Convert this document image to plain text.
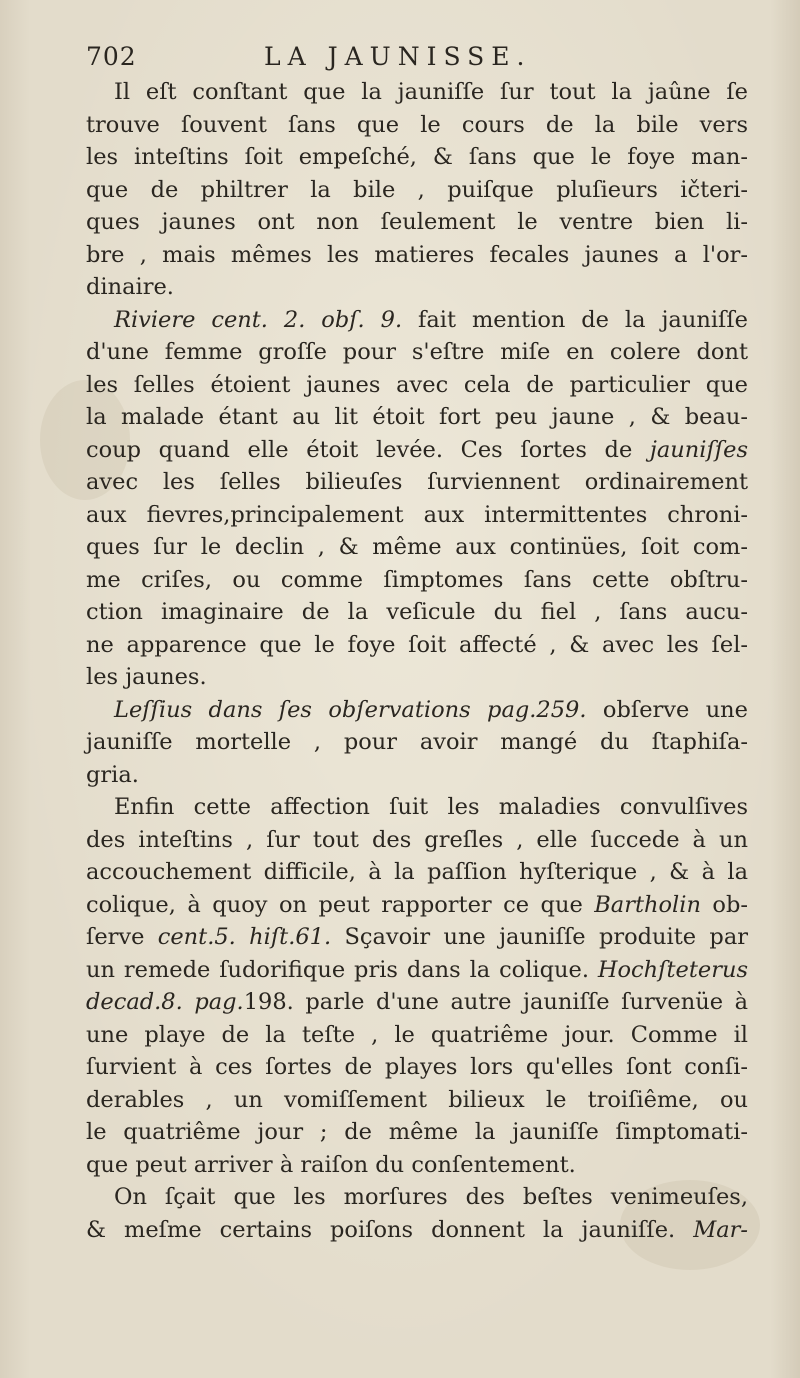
702	LA JAUNISSE.
Il eſt conſtant que la jauniſſe ſur tout la jaûne ſe
trouve ſouvent ſans que le cours de la bile vers
les inteſtins ſoit empeſché, & ſans que le foye man-
que de philtrer la bile , puiſque pluſieurs ičteri-
ques jaunes ont non ſeulement le ventre bien li-
bre , mais mêmes les matieres fecales jaunes a l'or-
dinaire.
Riviere cent. 2. obſ. 9. fait mention de la jauniſſe
d'une femme groſſe pour s'eſtre miſe en colere dont
les ſelles étoient jaunes avec cela de particulier que
la malade étant au lit étoit fort peu jaune , & beau-
coup quand elle étoit levée. Ces ſortes de jauniſſes
avec les ſelles bilieuſes ſurviennent ordinairement
aux fievres,principalement aux intermittentes chroni-
ques ſur le declin , & même aux continües, ſoit com-
me criſes, ou comme ſimptomes ſans cette obſtru-
ction imaginaire de la veſicule du fiel , ſans aucu-
ne apparence que le foye ſoit affecté , & avec les ſel-
les jaunes.
Leſſius dans ſes obſervations pag.259. obſerve une
jauniſſe mortelle , pour avoir mangé du ſtaphiſa-
gria.
Enfin cette affection ſuit les maladies convulſives
des inteſtins , ſur tout des greſles , elle ſuccede à un
accouchement difficile, à la paſſion hyſterique , & à la
colique, à quoy on peut rapporter ce que Bartholin ob-
ſerve cent.5. hiſt.61. Sçavoir une jauniſſe produite par
un remede ſudorifique pris dans la colique. Hochſteterus
decad.8. pag.198. parle d'une autre jauniſſe ſurvenüe à
une playe de la teſte , le quatriême jour. Comme il
ſurvient à ces ſortes de playes lors qu'elles ſont conſi-
derables , un vomiſſement bilieux le troiſiême, ou
le quatriême jour ; de même la jauniſſe ſimptomati-
que peut arriver à raiſon du conſentement.
On ſçait que les morſures des beſtes venimeuſes,
& meſme certains poiſons donnent la jauniſſe. Mar-
